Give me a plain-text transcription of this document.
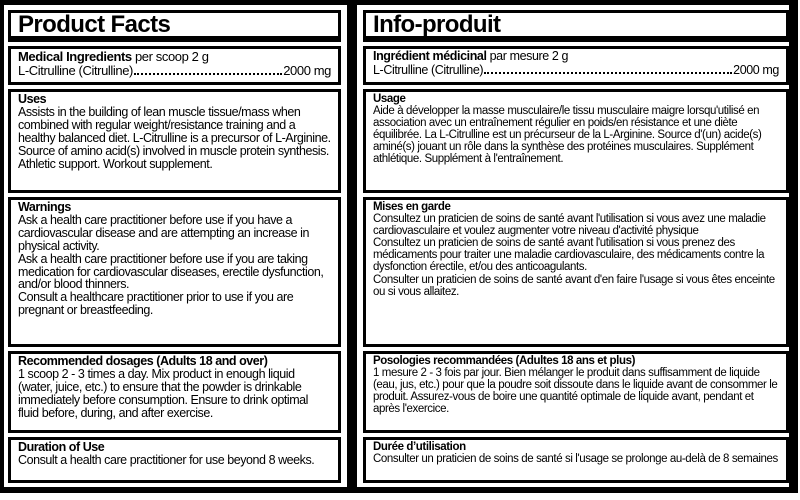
Product Facts	Info-produit

Medical Ingredients per scoop 2 g

L-Citrulline (Citrulline)	2000 mg

Ingrédient médicinal par mesure 2 g

L-Citrulline (Citrulline)	2000 mg

Uses

Assists in the building of lean muscle tissue/mass when combined with regular weight/resistance training and a healthy balanced diet. L-Citrulline is a precursor of L-Arginine. Source of amino acid(s) involved in muscle protein synthesis. Athletic support. Workout supplement.

Usage

Aide à développer la masse musculaire/le tissu musculaire maigre lorsqu'utilisé en association avec un entraînement régulier en poids/en résistance et une diète équilibrée. La L-Citrulline est un précurseur de la L-Arginine. Source d'(un) acide(s) aminé(s) jouant un rôle dans la synthèse des protéines musculaires. Supplément athlétique. Supplément à l'entraînement.

Warnings

Ask a health care practitioner before use if you have a cardiovascular disease and are attempting an increase in physical activity.

Ask a health care practitioner before use if you are taking medication for cardiovascular diseases, erectile dysfunction, and/or blood thinners.

Consult a healthcare practitioner prior to use if you are pregnant or breastfeeding.

Mises en garde

Consultez un praticien de soins de santé avant l'utilisation si vous avez une maladie cardiovasculaire et voulez augmenter votre niveau d'activité physique

Consultez un praticien de soins de santé avant l'utilisation si vous prenez des médicaments pour traiter une maladie cardiovasculaire, des médicaments contre la dysfonction érectile, et/ou des anticoagulants.

Consulter un praticien de soins de santé avant d'en faire l'usage si vous êtes enceinte ou si vous allaitez.

Recommended dosages (Adults 18 and over)

1 scoop 2 - 3 times a day. Mix product in enough liquid (water, juice, etc.) to ensure that the powder is drinkable immediately before consumption. Ensure to drink optimal fluid before, during, and after exercise.

Posologies recommandées (Adultes 18 ans et plus)

1 mesure 2 - 3 fois par jour. Bien mélanger le produit dans suffisamment de liquide (eau, jus, etc.) pour que la poudre soit dissoute dans le liquide avant de consommer le produit. Assurez-vous de boire une quantité optimale de liquide avant, pendant et après l'exercice.

Duration of Use

Consult a health care practitioner for use beyond 8 weeks.

Durée d’utilisation

Consulter un praticien de soins de santé si l'usage se prolonge au-delà de 8 semaines
